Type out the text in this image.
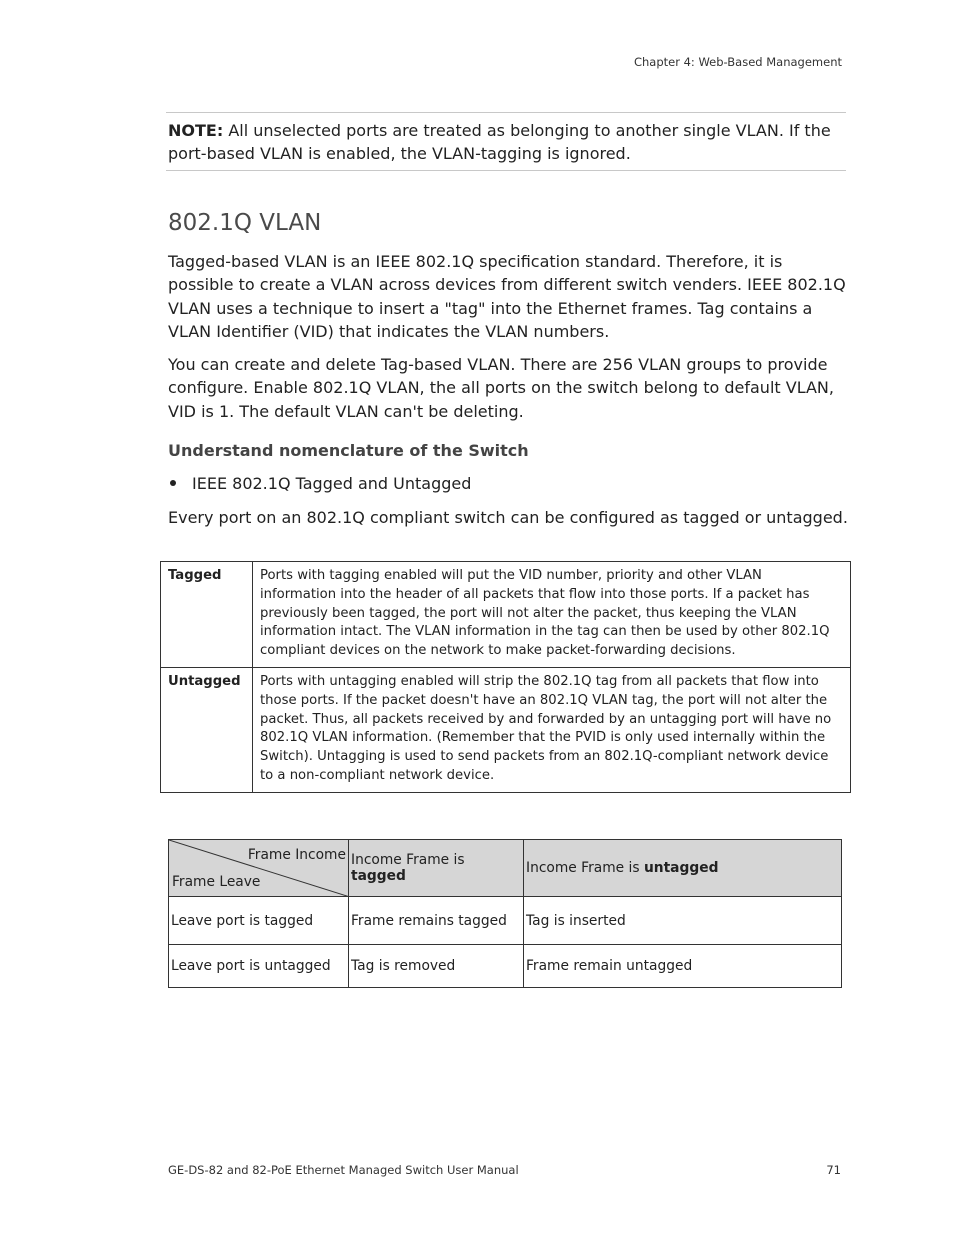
Chapter 4: Web-Based Management
NOTE: All unselected ports are treated as belonging to another single VLAN. If the port-based VLAN is enabled, the VLAN-tagging is ignored.
802.1Q VLAN

Tagged-based VLAN is an IEEE 802.1Q specification standard. Therefore, it is possible to create a VLAN across devices from different switch venders. IEEE 802.1Q VLAN uses a technique to insert a "tag" into the Ethernet frames. Tag contains a VLAN Identifier (VID) that indicates the VLAN numbers.

You can create and delete Tag-based VLAN. There are 256 VLAN groups to provide configure. Enable 802.1Q VLAN, the all ports on the switch belong to default VLAN, VID is 1. The default VLAN can't be deleting.

Understand nomenclature of the Switch
IEEE 802.1Q Tagged and Untagged

Every port on an 802.1Q compliant switch can be configured as tagged or untagged.

Tagged	Ports with tagging enabled will put the VID number, priority and other VLAN information into the header of all packets that flow into those ports. If a packet has previously been tagged, the port will not alter the packet, thus keeping the VLAN information intact. The VLAN information in the tag can then be used by other 802.1Q compliant devices on the network to make packet-forwarding decisions.
Untagged	Ports with untagging enabled will strip the 802.1Q tag from all packets that flow into those ports. If the packet doesn't have an 802.1Q VLAN tag, the port will not alter the packet. Thus, all packets received by and forwarded by an untagging port will have no 802.1Q VLAN information. (Remember that the PVID is only used internally within the Switch). Untagging is used to send packets from an 802.1Q-compliant network device to a non-compliant network device.
Frame Income
Frame Leave	Income Frame is tagged	Income Frame is untagged
Leave port is tagged	Frame remains tagged	Tag is inserted
Leave port is untagged	Tag is removed	Frame remain untagged
GE-DS-82 and 82-PoE Ethernet Managed Switch User Manual	71
